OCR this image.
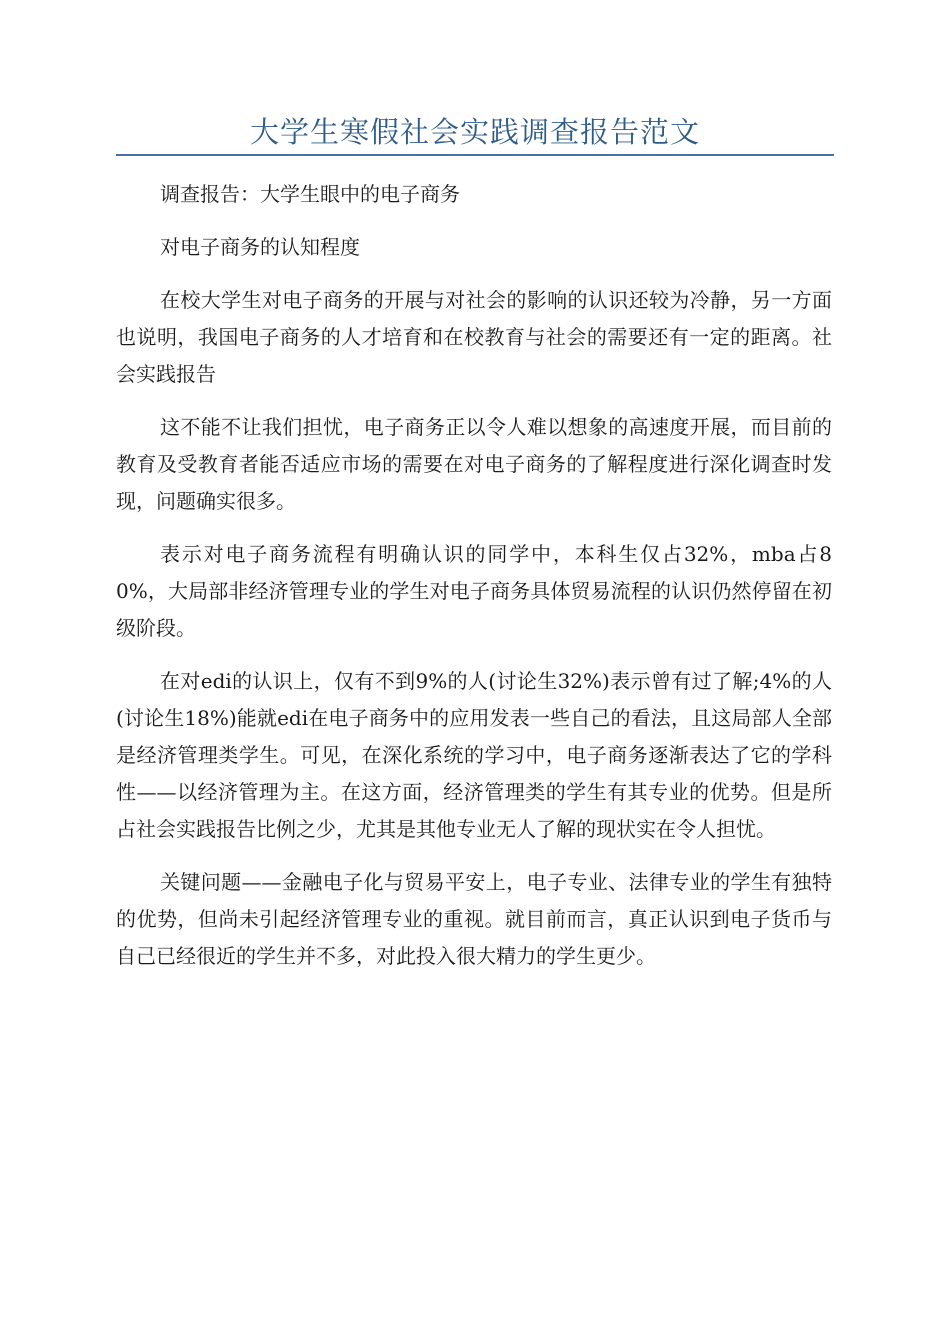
大学生寒假社会实践调查报告范文

调查报告：大学生眼中的电子商务

对电子商务的认知程度

在校大学生对电子商务的开展与对社会的影响的认识还较为冷静，另一方面也说明，我国电子商务的人才培育和在校教育与社会的需要还有一定的距离。社会实践报告

这不能不让我们担忧，电子商务正以令人难以想象的高速度开展，而目前的教育及受教育者能否适应市场的需要在对电子商务的了解程度进行深化调查时发现，问题确实很多。

表示对电子商务流程有明确认识的同学中，本科生仅占32%，mba占80%，大局部非经济管理专业的学生对电子商务具体贸易流程的认识仍然停留在初级阶段。

在对edi的认识上，仅有不到9%的人(讨论生32%)表示曾有过了解;4%的人(讨论生18%)能就edi在电子商务中的应用发表一些自己的看法，且这局部人全部是经济管理类学生。可见，在深化系统的学习中，电子商务逐渐表达了它的学科性——以经济管理为主。在这方面，经济管理类的学生有其专业的优势。但是所占社会实践报告比例之少，尤其是其他专业无人了解的现状实在令人担忧。

关键问题——金融电子化与贸易平安上，电子专业、法律专业的学生有独特的优势，但尚未引起经济管理专业的重视。就目前而言，真正认识到电子货币与自己已经很近的学生并不多，对此投入很大精力的学生更少。
